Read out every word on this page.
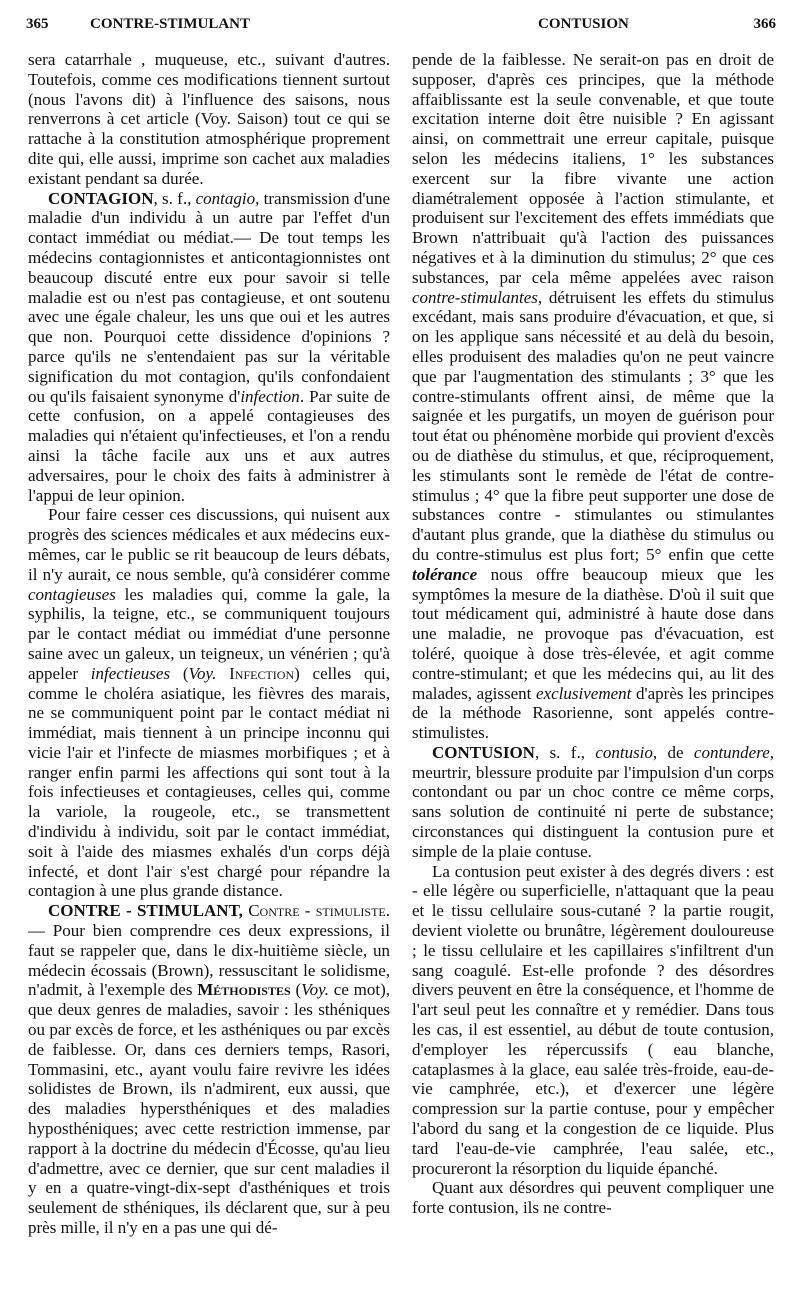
365	CONTRE-STIMULANT	CONTUSION	366

sera catarrhale , muqueuse, etc., suivant d'autres. Toutefois, comme ces modifications tiennent surtout (nous l'avons dit) à l'influence des saisons, nous renverrons à cet article (Voy. Saison) tout ce qui se rattache à la constitution atmosphérique proprement dite qui, elle aussi, imprime son cachet aux maladies existant pendant sa durée.

CONTAGION, s. f., contagio, transmission d'une maladie d'un individu à un autre par l'effet d'un contact immédiat ou médiat.— De tout temps les médecins contagionnistes et anticontagionnistes ont beaucoup discuté entre eux pour savoir si telle maladie est ou n'est pas contagieuse, et ont soutenu avec une égale chaleur, les uns que oui et les autres que non. Pourquoi cette dissidence d'opinions ? parce qu'ils ne s'entendaient pas sur la véritable signification du mot contagion, qu'ils confondaient ou qu'ils faisaient synonyme d'infection. Par suite de cette confusion, on a appelé contagieuses des maladies qui n'étaient qu'infectieuses, et l'on a rendu ainsi la tâche facile aux uns et aux autres adversaires, pour le choix des faits à administrer à l'appui de leur opinion.

Pour faire cesser ces discussions, qui nuisent aux progrès des sciences médicales et aux médecins eux-mêmes, car le public se rit beaucoup de leurs débats, il n'y aurait, ce nous semble, qu'à considérer comme contagieuses les maladies qui, comme la gale, la syphilis, la teigne, etc., se communiquent toujours par le contact médiat ou immédiat d'une personne saine avec un galeux, un teigneux, un vénérien ; qu'à appeler infectieuses (Voy. Infection) celles qui, comme le choléra asiatique, les fièvres des marais, ne se communiquent point par le contact médiat ni immédiat, mais tiennent à un principe inconnu qui vicie l'air et l'infecte de miasmes morbifiques ; et à ranger enfin parmi les affections qui sont tout à la fois infectieuses et contagieuses, celles qui, comme la variole, la rougeole, etc., se transmettent d'individu à individu, soit par le contact immédiat, soit à l'aide des miasmes exhalés d'un corps déjà infecté, et dont l'air s'est chargé pour répandre la contagion à une plus grande distance.

CONTRE - STIMULANT, Contre - stimuliste. — Pour bien comprendre ces deux expressions, il faut se rappeler que, dans le dix-huitième siècle, un médecin écossais (Brown), ressuscitant le solidisme, n'admit, à l'exemple des Méthodistes (Voy. ce mot), que deux genres de maladies, savoir : les sthéniques ou par excès de force, et les asthéniques ou par excès de faiblesse. Or, dans ces derniers temps, Rasori, Tommasini, etc., ayant voulu faire revivre les idées solidistes de Brown, ils n'admirent, eux aussi, que des maladies hypersthéniques et des maladies hyposthéniques; avec cette restriction immense, par rapport à la doctrine du médecin d'Écosse, qu'au lieu d'admettre, avec ce dernier, que sur cent maladies il y en a quatre-vingt-dix-sept d'asthéniques et trois seulement de sthéniques, ils déclarent que, sur à peu près mille, il n'y en a pas une qui dé-

pende de la faiblesse. Ne serait-on pas en droit de supposer, d'après ces principes, que la méthode affaiblissante est la seule convenable, et que toute excitation interne doit être nuisible ? En agissant ainsi, on commettrait une erreur capitale, puisque selon les médecins italiens, 1° les substances exercent sur la fibre vivante une action diamétralement opposée à l'action stimulante, et produisent sur l'excitement des effets immédiats que Brown n'attribuait qu'à l'action des puissances négatives et à la diminution du stimulus; 2° que ces substances, par cela même appelées avec raison contre-stimulantes, détruisent les effets du stimulus excédant, mais sans produire d'évacuation, et que, si on les applique sans nécessité et au delà du besoin, elles produisent des maladies qu'on ne peut vaincre que par l'augmentation des stimulants ; 3° que les contre-stimulants offrent ainsi, de même que la saignée et les purgatifs, un moyen de guérison pour tout état ou phénomène morbide qui provient d'excès ou de diathèse du stimulus, et que, réciproquement, les stimulants sont le remède de l'état de contre-stimulus ; 4° que la fibre peut supporter une dose de substances contre - stimulantes ou stimulantes d'autant plus grande, que la diathèse du stimulus ou du contre-stimulus est plus fort; 5° enfin que cette tolérance nous offre beaucoup mieux que les symptômes la mesure de la diathèse. D'où il suit que tout médicament qui, administré à haute dose dans une maladie, ne provoque pas d'évacuation, est toléré, quoique à dose très-élevée, et agit comme contre-stimulant; et que les médecins qui, au lit des malades, agissent exclusivement d'après les principes de la méthode Rasorienne, sont appelés contre-stimulistes.

CONTUSION, s. f., contusio, de contundere, meurtrir, blessure produite par l'impulsion d'un corps contondant ou par un choc contre ce même corps, sans solution de continuité ni perte de substance; circonstances qui distinguent la contusion pure et simple de la plaie contuse.

La contusion peut exister à des degrés divers : est - elle légère ou superficielle, n'attaquant que la peau et le tissu cellulaire sous-cutané ? la partie rougit, devient violette ou brunâtre, légèrement douloureuse ; le tissu cellulaire et les capillaires s'infiltrent d'un sang coagulé. Est-elle profonde ? des désordres divers peuvent en être la conséquence, et l'homme de l'art seul peut les connaître et y remédier. Dans tous les cas, il est essentiel, au début de toute contusion, d'employer les répercussifs ( eau blanche, cataplasmes à la glace, eau salée très-froide, eau-de-vie camphrée, etc.), et d'exercer une légère compression sur la partie contuse, pour y empêcher l'abord du sang et la congestion de ce liquide. Plus tard l'eau-de-vie camphrée, l'eau salée, etc., procureront la résorption du liquide épanché.

Quant aux désordres qui peuvent compliquer une forte contusion, ils ne contre-
